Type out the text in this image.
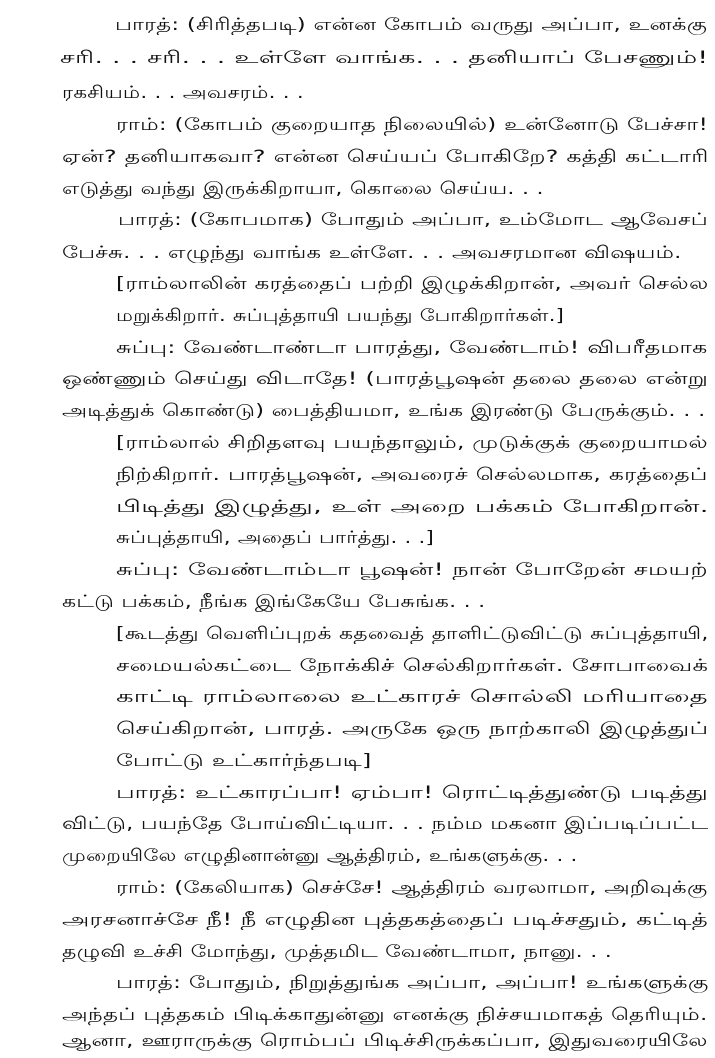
பாரத்: (சிரித்தபடி) என்ன கோபம் வருது அப்பா, உனக்கு
சரி. . . சரி. . . உள்ளே வாங்க. . . தனியாப் பேசணும்!
ரகசியம். . . அவசரம். . .
ராம்: (கோபம் குறையாத நிலையில்) உன்னோடு பேச்சா!
ஏன்? தனியாகவா? என்ன செய்யப் போகிறே? கத்தி கட்டாரி
எடுத்து வந்து இருக்கிறாயா, கொலை செய்ய. . .
பாரத்: (கோபமாக) போதும் அப்பா, உம்மோட ஆவேசப்
பேச்சு. . . எழுந்து வாங்க உள்ளே. . . அவசரமான விஷயம்.
[ராம்லாலின் கரத்தைப் பற்றி இழுக்கிறான், அவர் செல்ல
மறுக்கிறார். சுப்புத்தாயி பயந்து போகிறார்கள்.]
சுப்பு: வேண்டாண்டா பாரத்து, வேண்டாம்! விபரீதமாக
ஒண்ணும் செய்து விடாதே! (பாரத்பூஷன் தலை தலை என்று
அடித்துக் கொண்டு) பைத்தியமா, உங்க இரண்டு பேருக்கும். . .
[ராம்லால் சிறிதளவு பயந்தாலும், முடுக்குக் குறையாமல்
நிற்கிறார். பாரத்பூஷன், அவரைச் செல்லமாக, கரத்தைப்
பிடித்து இழுத்து, உள் அறை பக்கம் போகிறான்.
சுப்புத்தாயி, அதைப் பார்த்து. . .]
சுப்பு: வேண்டாம்டா பூஷன்! நான் போறேன் சமயற்
கட்டு பக்கம், நீங்க இங்கேயே பேசுங்க. . .
[கூடத்து வெளிப்புறக் கதவைத் தாளிட்டுவிட்டு சுப்புத்தாயி,
சமையல்கட்டை நோக்கிச் செல்கிறார்கள். சோபாவைக்
காட்டி ராம்லாலை உட்காரச் சொல்லி மரியாதை
செய்கிறான், பாரத். அருகே ஒரு நாற்காலி இழுத்துப்
போட்டு உட்கார்ந்தபடி]
பாரத்: உட்காரப்பா! ஏம்பா! ரொட்டித்துண்டு படித்து
விட்டு, பயந்தே போய்விட்டியா. . . நம்ம மகனா இப்படிப்பட்ட
முறையிலே எழுதினான்னு ஆத்திரம், உங்களுக்கு. . .
ராம்: (கேலியாக) செச்சே! ஆத்திரம் வரலாமா, அறிவுக்கு
அரசனாச்சே நீ! நீ எழுதின புத்தகத்தைப் படிச்சதும், கட்டித்
தழுவி உச்சி மோந்து, முத்தமிட வேண்டாமா, நானு. . .
பாரத்: போதும், நிறுத்துங்க அப்பா, அப்பா! உங்களுக்கு
அந்தப் புத்தகம் பிடிக்காதுன்னு எனக்கு நிச்சயமாகத் தெரியும்.
ஆனா, ஊராருக்கு ரொம்பப் பிடிச்சிருக்கப்பா, இதுவரையிலே
